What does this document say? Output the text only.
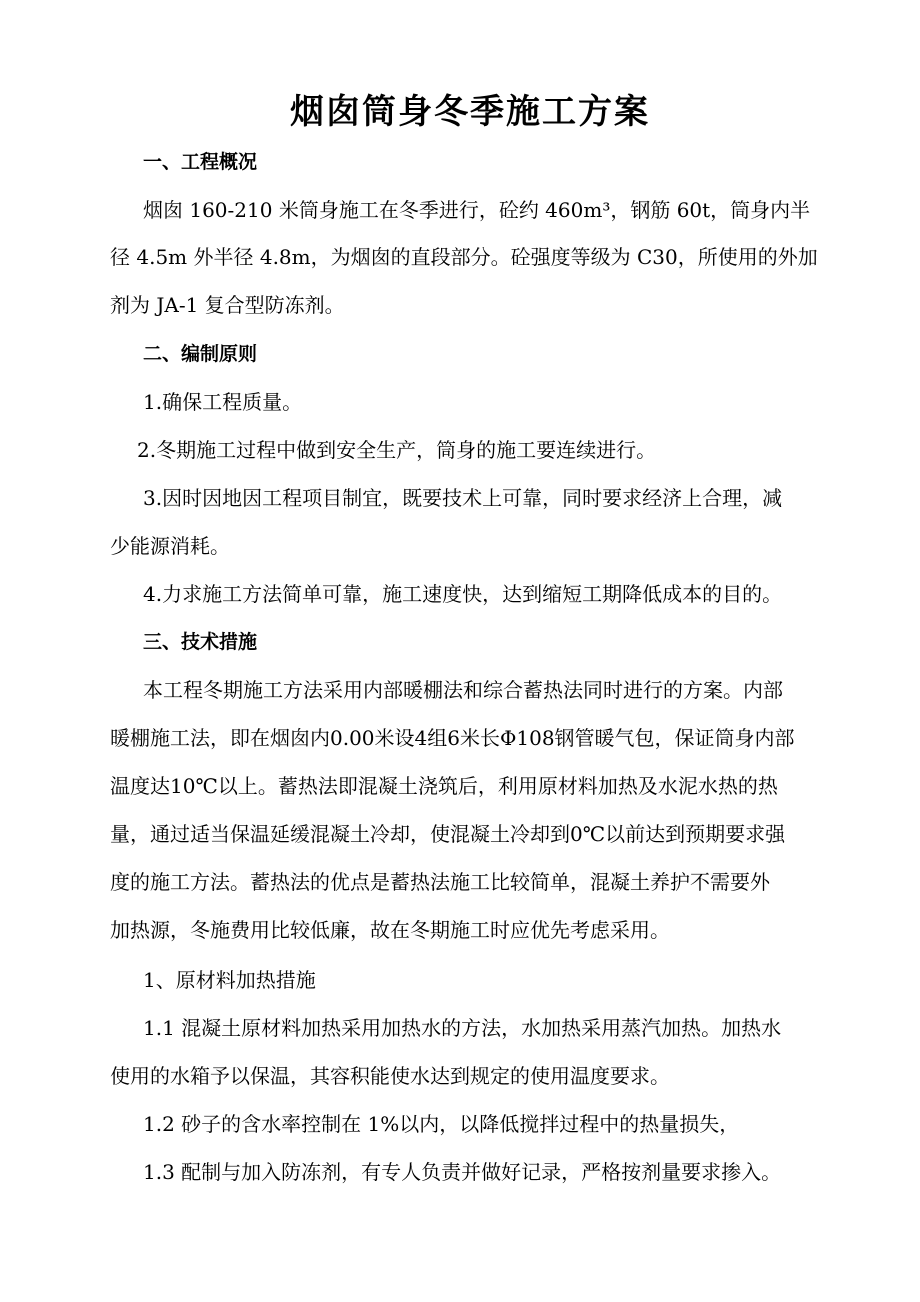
烟囱筒身冬季施工方案
一、工程概况
烟囱 160-210 米筒身施工在冬季进行，砼约 460m³，钢筋 60t，筒身内半
径 4.5m 外半径 4.8m，为烟囱的直段部分。砼强度等级为 C30，所使用的外加
剂为 JA-1 复合型防冻剂。
二、编制原则
1.确保工程质量。
2.冬期施工过程中做到安全生产，筒身的施工要连续进行。
3.因时因地因工程项目制宜，既要技术上可靠，同时要求经济上合理，减
少能源消耗。
4.力求施工方法简单可靠，施工速度快，达到缩短工期降低成本的目的。
三、技术措施
本工程冬期施工方法采用内部暖棚法和综合蓄热法同时进行的方案。内部
暖棚施工法，即在烟囱内0.00米设4组6米长Φ108钢管暖气包，保证筒身内部
温度达10℃以上。蓄热法即混凝土浇筑后，利用原材料加热及水泥水热的热
量，通过适当保温延缓混凝土冷却，使混凝土冷却到0℃以前达到预期要求强
度的施工方法。蓄热法的优点是蓄热法施工比较简单，混凝土养护不需要外
加热源，冬施费用比较低廉，故在冬期施工时应优先考虑采用。
1、原材料加热措施
1.1 混凝土原材料加热采用加热水的方法，水加热采用蒸汽加热。加热水
使用的水箱予以保温，其容积能使水达到规定的使用温度要求。
1.2 砂子的含水率控制在 1%以内，以降低搅拌过程中的热量损失，
1.3 配制与加入防冻剂，有专人负责并做好记录，严格按剂量要求掺入。
